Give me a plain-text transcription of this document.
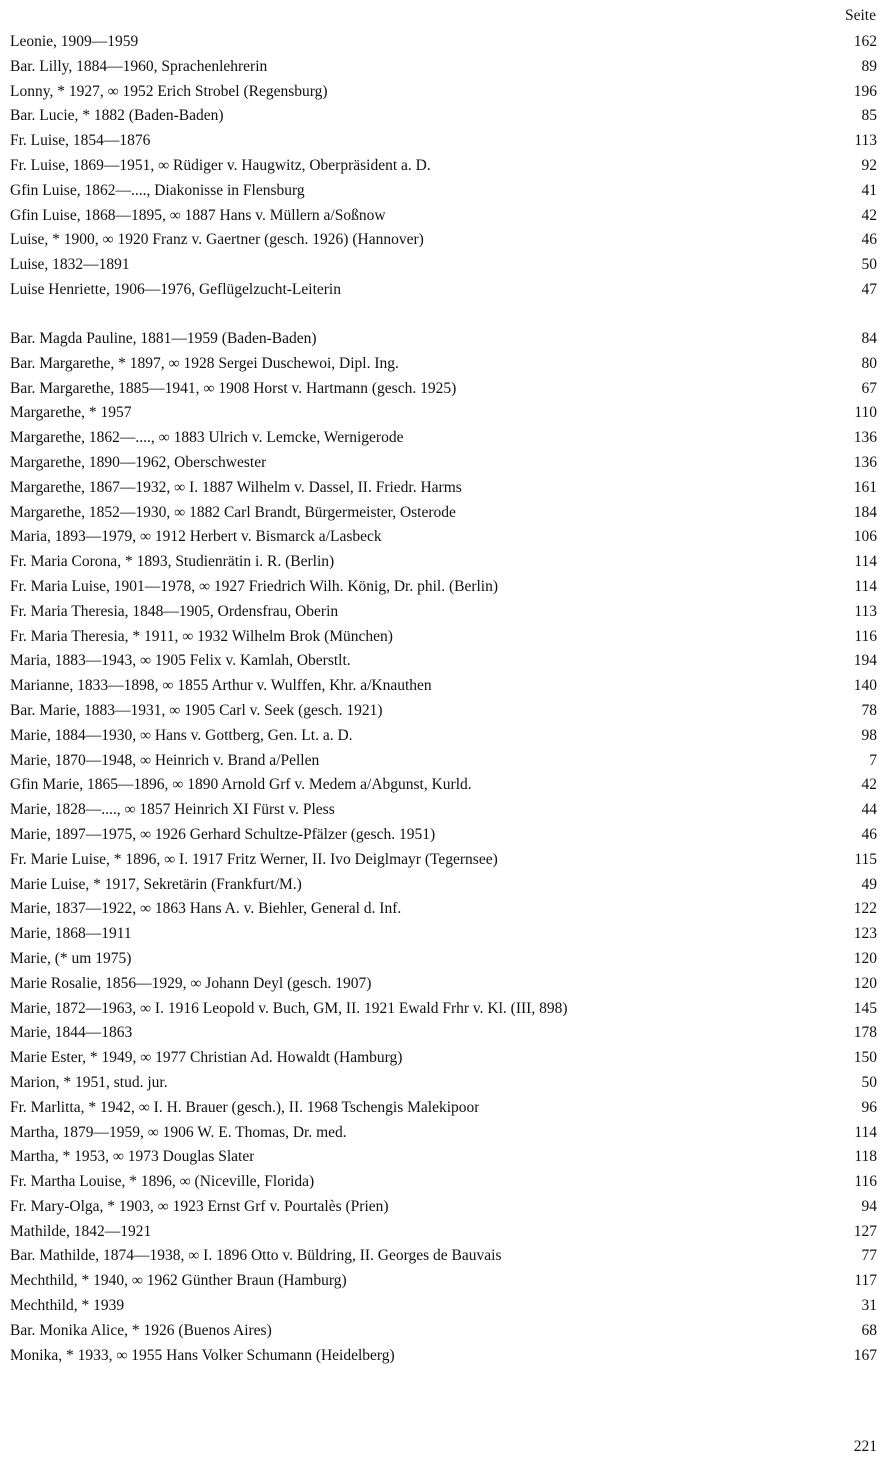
Seite
Leonie, 1909—1959	162
Bar. Lilly, 1884—1960, Sprachenlehrerin	89
Lonny, * 1927, ∞ 1952 Erich Strobel (Regensburg)	196
Bar. Lucie, * 1882 (Baden-Baden)	85
Fr. Luise, 1854—1876	113
Fr. Luise, 1869—1951, ∞ Rüdiger v. Haugwitz, Oberpräsident a. D.	92
Gfin Luise, 1862—...., Diakonisse in Flensburg	41
Gfin Luise, 1868—1895, ∞ 1887 Hans v. Müllern a/Soßnow	42
Luise, * 1900, ∞ 1920 Franz v. Gaertner (gesch. 1926) (Hannover)	46
Luise, 1832—1891	50
Luise Henriette, 1906—1976, Geflügelzucht-Leiterin	47
Bar. Magda Pauline, 1881—1959 (Baden-Baden)	84
Bar. Margarethe, * 1897, ∞ 1928 Sergei Duschewoi, Dipl. Ing.	80
Bar. Margarethe, 1885—1941, ∞ 1908 Horst v. Hartmann (gesch. 1925)	67
Margarethe, * 1957	110
Margarethe, 1862—...., ∞ 1883 Ulrich v. Lemcke, Wernigerode	136
Margarethe, 1890—1962, Oberschwester	136
Margarethe, 1867—1932, ∞ I. 1887 Wilhelm v. Dassel, II. Friedr. Harms	161
Margarethe, 1852—1930, ∞ 1882 Carl Brandt, Bürgermeister, Osterode	184
Maria, 1893—1979, ∞ 1912 Herbert v. Bismarck a/Lasbeck	106
Fr. Maria Corona, * 1893, Studienrätin i. R. (Berlin)	114
Fr. Maria Luise, 1901—1978, ∞ 1927 Friedrich Wilh. König, Dr. phil. (Berlin)	114
Fr. Maria Theresia, 1848—1905, Ordensfrau, Oberin	113
Fr. Maria Theresia, * 1911, ∞ 1932 Wilhelm Brok (München)	116
Maria, 1883—1943, ∞ 1905 Felix v. Kamlah, Oberstlt.	194
Marianne, 1833—1898, ∞ 1855 Arthur v. Wulffen, Khr. a/Knauthen	140
Bar. Marie, 1883—1931, ∞ 1905 Carl v. Seek (gesch. 1921)	78
Marie, 1884—1930, ∞ Hans v. Gottberg, Gen. Lt. a. D.	98
Marie, 1870—1948, ∞ Heinrich v. Brand a/Pellen	7
Gfin Marie, 1865—1896, ∞ 1890 Arnold Grf v. Medem a/Abgunst, Kurld.	42
Marie, 1828—...., ∞ 1857 Heinrich XI Fürst v. Pless	44
Marie, 1897—1975, ∞ 1926 Gerhard Schultze-Pfälzer (gesch. 1951)	46
Fr. Marie Luise, * 1896, ∞ I. 1917 Fritz Werner, II. Ivo Deiglmayr (Tegernsee)	115
Marie Luise, * 1917, Sekretärin (Frankfurt/M.)	49
Marie, 1837—1922, ∞ 1863 Hans A. v. Biehler, General d. Inf.	122
Marie, 1868—1911	123
Marie, (* um 1975)	120
Marie Rosalie, 1856—1929, ∞ Johann Deyl (gesch. 1907)	120
Marie, 1872—1963, ∞ I. 1916 Leopold v. Buch, GM, II. 1921 Ewald Frhr v. Kl. (III, 898)	145
Marie, 1844—1863	178
Marie Ester, * 1949, ∞ 1977 Christian Ad. Howaldt (Hamburg)	150
Marion, * 1951, stud. jur.	50
Fr. Marlitta, * 1942, ∞ I. H. Brauer (gesch.), II. 1968 Tschengis Malekipoor	96
Martha, 1879—1959, ∞ 1906 W. E. Thomas, Dr. med.	114
Martha, * 1953, ∞ 1973 Douglas Slater	118
Fr. Martha Louise, * 1896, ∞ (Niceville, Florida)	116
Fr. Mary-Olga, * 1903, ∞ 1923 Ernst Grf v. Pourtalès (Prien)	94
Mathilde, 1842—1921	127
Bar. Mathilde, 1874—1938, ∞ I. 1896 Otto v. Büldring, II. Georges de Bauvais	77
Mechthild, * 1940, ∞ 1962 Günther Braun (Hamburg)	117
Mechthild, * 1939	31
Bar. Monika Alice, * 1926 (Buenos Aires)	68
Monika, * 1933, ∞ 1955 Hans Volker Schumann (Heidelberg)	167
221
